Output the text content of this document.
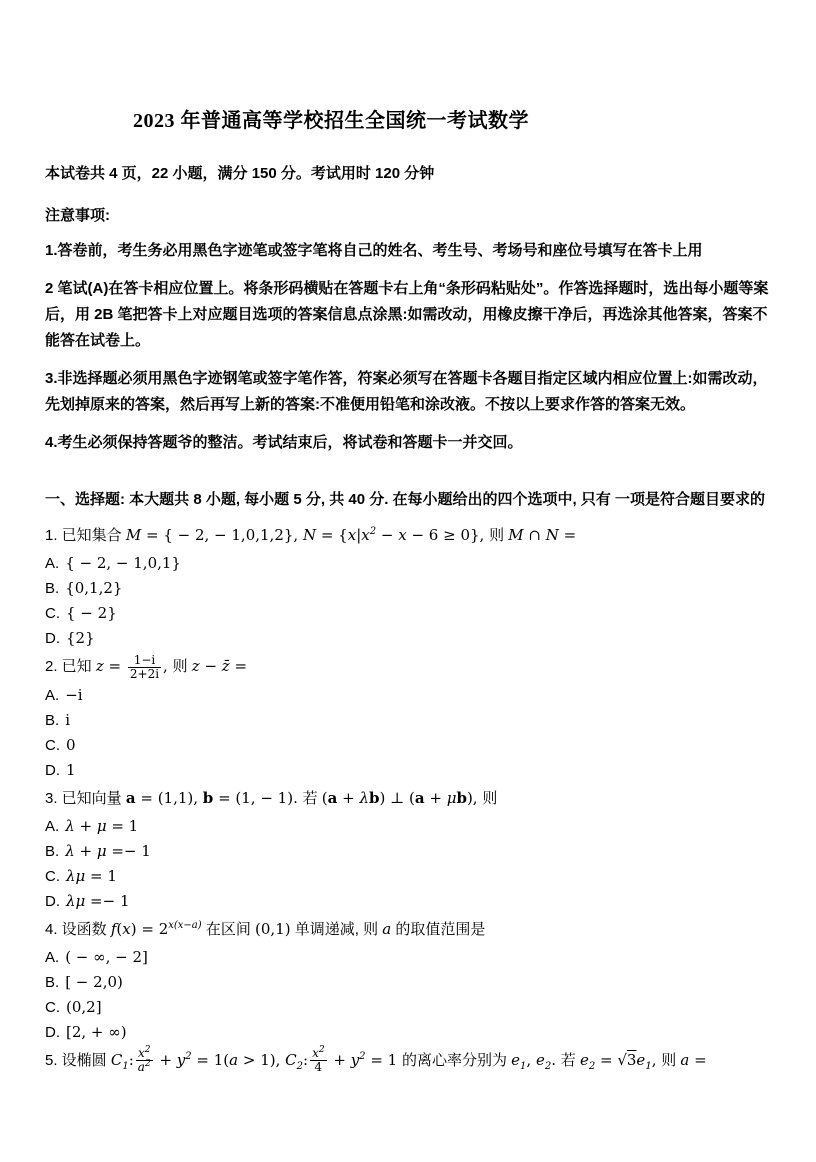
2023 年普通高等学校招生全国统一考试数学

本试卷共 4 页，22 小题，满分 150 分。考试用时 120 分钟

注意事项:

1.答卷前，考生务必用黑色字迹笔或签字笔将自己的姓名、考生号、考场号和座位号填写在答卡上用

2 笔试(A)在答卡相应位置上。将条形码横贴在答题卡右上角“条形码粘贴处”。作答选择题时，选出每小题等案后，用 2B 笔把答卡上对应题目选项的答案信息点涂黑:如需改动，用橡皮擦干净后，再选涂其他答案，答案不能答在试卷上。

3.非选择题必须用黑色字迹钢笔或签字笔作答，符案必须写在答题卡各题目指定区域内相应位置上:如需改动，先划掉原来的答案，然后再写上新的答案:不准便用铅笔和涂改液。不按以上要求作答的答案无效。

4.考生必须保持答题爷的整洁。考试结束后，将试卷和答题卡一并交回。

一、选择题: 本大题共 8 小题, 每小题 5 分, 共 40 分. 在每小题给出的四个选项中, 只有 一项是符合题目要求的

1. 已知集合 M = { − 2, − 1,0,1,2}, $N = \{x|x^2 - x - 6 \ge 0\}$, 则 M ∩ N =
A. { − 2, − 1,0,1}
B. {0,1,2}
C. { − 2}
D. {2}
2. 已知 $z = \frac{1-i}{2+2i}$ , 则 z − z̄ =
A. −i
B. i
C. 0
D. 1
3. 已知向量 a = (1,1), b = (1, − 1). 若 (a + λb) ⊥ (a + μb), 则
A. λ + μ = 1
B. λ + μ =− 1
C. λμ = 1
D. λμ =− 1
4. 设函数 $f(x) = 2^{x(x-a)}$ 在区间 (0,1) 单调递减, 则 a 的取值范围是
A. ( − ∞, − 2]
B. [ − 2,0)
C. (0,2]
D. [2, + ∞)
5. 设椭圆 $C_1$: $\frac{x^2}{a^2} + y^2 = 1(a > 1)$, $C_2$: $\frac{x^2}{4} + y^2 = 1$ 的离心率分别为 $e_1$, $e_2$. 若 $e_2 = √3e_1$, 则 a =
